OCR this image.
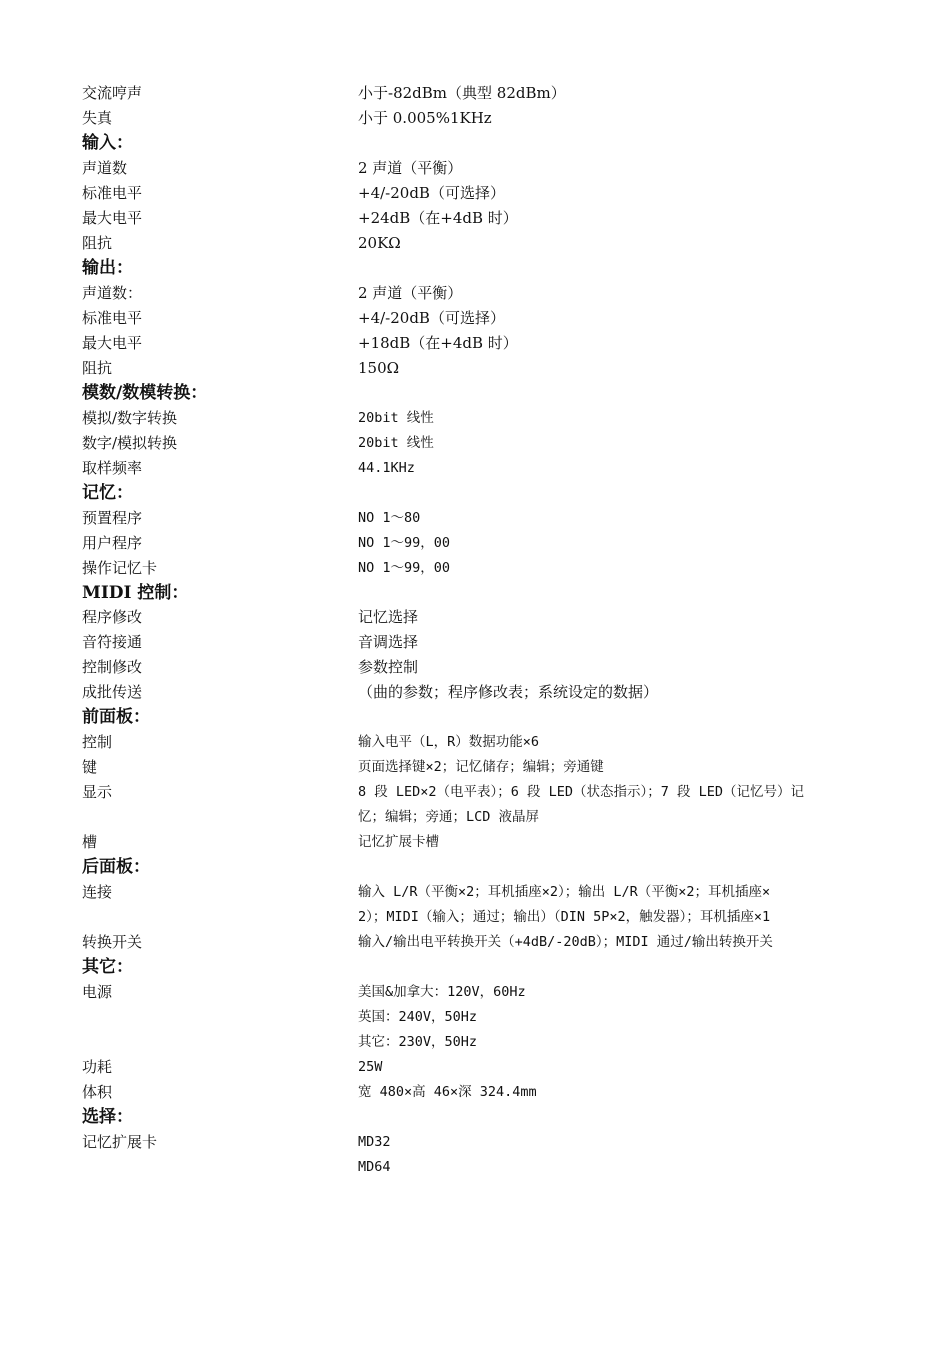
交流哼声	小于-82dBm（典型 82dBm）
失真	小于 0.005%1KHz
输入：
声道数	2 声道（平衡）
标准电平	+4/-20dB（可选择）
最大电平	+24dB（在+4dB 时）
阻抗	20KΩ
输出：
声道数：	2 声道（平衡）
标准电平	+4/-20dB（可选择）
最大电平	+18dB（在+4dB 时）
阻抗	150Ω
模数/数模转换：
模拟/数字转换	20bit 线性
数字/模拟转换	20bit 线性
取样频率	44.1KHz
记忆：
预置程序	NO 1～80
用户程序	NO 1～99，00
操作记忆卡	NO 1～99，00
MIDI 控制：
程序修改	记忆选择
音符接通	音调选择
控制修改	参数控制
成批传送	（曲的参数；程序修改表；系统设定的数据）
前面板：
控制	输入电平（L，R）数据功能×6
键	页面选择键×2；记忆储存；编辑；旁通键
显示	8 段 LED×2（电平表）；6 段 LED（状态指示）；7 段 LED（记忆号）记
忆；编辑；旁通；LCD 液晶屏
槽	记忆扩展卡槽
后面板：
连接	输入 L/R（平衡×2；耳机插座×2）；输出 L/R（平衡×2；耳机插座×
2）；MIDI（输入；通过；输出）（DIN 5P×2，触发器）；耳机插座×1
转换开关	输入/输出电平转换开关（+4dB/-20dB）；MIDI 通过/输出转换开关
其它：
电源	美国&加拿大：120V，60Hz
英国：240V，50Hz
其它：230V，50Hz
功耗	25W
体积	宽 480×高 46×深 324.4mm
选择：
记忆扩展卡	MD32
MD64
